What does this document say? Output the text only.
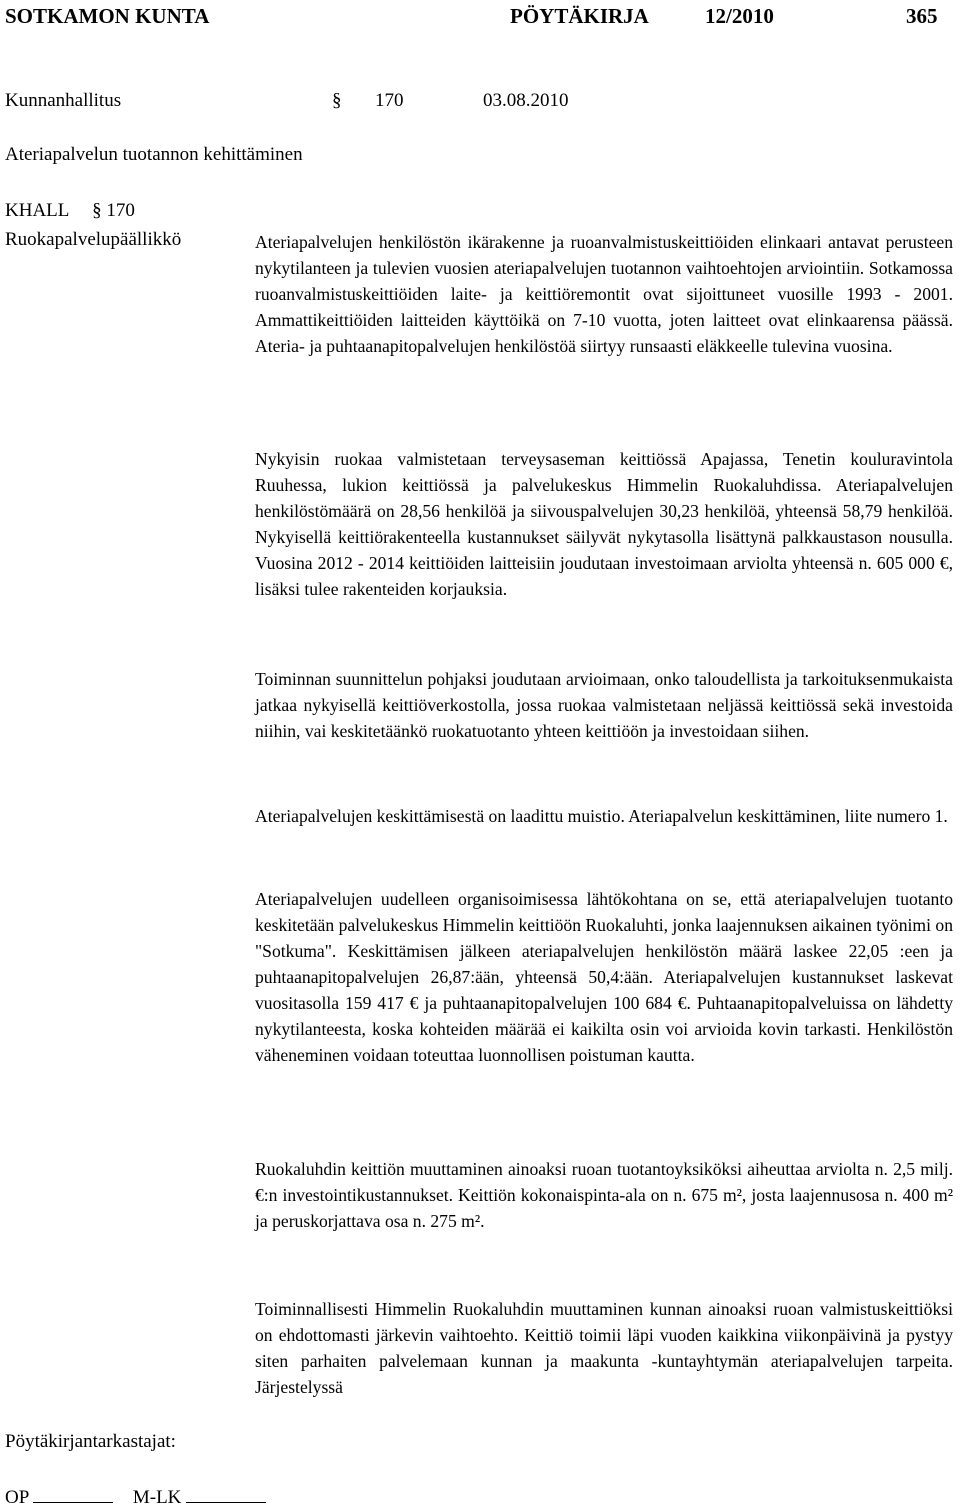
SOTKAMON KUNTA	PÖYTÄKIRJA	12/2010	365
Kunnanhallitus	§ 170	03.08.2010
Ateriapalvelun tuotannon kehittäminen
KHALL § 170
Ruokapalvelupäällikkö	Ateriapalvelujen henkilöstön ikärakenne ja ruoanvalmistuskeittiöiden elinkaari antavat perusteen nykytilanteen ja tulevien vuosien ateriapalvelujen tuotannon vaihtoehtojen arviointiin. Sotkamossa ruoanvalmistuskeittiöiden laite- ja keittiöremontit ovat sijoittuneet vuosille 1993 - 2001. Ammattikeittiöiden laitteiden käyttöikä on 7-10 vuotta, joten laitteet ovat elinkaarensa päässä. Ateria- ja puhtaanapitopalvelujen henkilöstöä siirtyy runsaasti eläkkeelle tulevina vuosina.

Nykyisin ruokaa valmistetaan terveysaseman keittiössä Apajassa, Tenetin kouluravintola Ruuhessa, lukion keittiössä ja palvelukeskus Himmelin Ruokaluhdissa. Ateriapalvelujen henkilöstömäärä on 28,56 henkilöä ja siivouspalvelujen 30,23 henkilöä, yhteensä 58,79 henkilöä. Nykyisellä keittiörakenteella kustannukset säilyvät nykytasolla lisättynä palkkaustason nousulla. Vuosina 2012 - 2014 keittiöiden laitteisiin joudutaan investoimaan arviolta yhteensä n. 605 000 €, lisäksi tulee rakenteiden korjauksia.

Toiminnan suunnittelun pohjaksi joudutaan arvioimaan, onko taloudellista ja tarkoituksenmukaista jatkaa nykyisellä keittiöverkostolla, jossa ruokaa valmistetaan neljässä keittiössä sekä investoida niihin, vai keskitetäänkö ruokatuotanto yhteen keittiöön ja investoidaan siihen.

Ateriapalvelujen keskittämisestä on laadittu muistio. Ateriapalvelun keskittäminen, liite numero 1.

Ateriapalvelujen uudelleen organisoimisessa lähtökohtana on se, että ateriapalvelujen tuotanto keskitetään palvelukeskus Himmelin keittiöön Ruokaluhti, jonka laajennuksen aikainen työnimi on "Sotkuma". Keskittämisen jälkeen ateriapalvelujen henkilöstön määrä laskee 22,05 :een ja puhtaanapitopalvelujen 26,87:ään, yhteensä 50,4:ään. Ateriapalvelujen kustannukset laskevat vuositasolla 159 417 € ja puhtaanapitopalvelujen 100 684 €. Puhtaanapitopalveluissa on lähdetty nykytilanteesta, koska kohteiden määrää ei kaikilta osin voi arvioida kovin tarkasti. Henkilöstön väheneminen voidaan toteuttaa luonnollisen poistuman kautta.

Ruokaluhdin keittiön muuttaminen ainoaksi ruoan tuotantoyksiköksi aiheuttaa arviolta n. 2,5 milj. €:n investointikustannukset. Keittiön kokonaispinta-ala on n. 675 m², josta laajennusosa n. 400 m² ja peruskorjattava osa n. 275 m².

Toiminnallisesti Himmelin Ruokaluhdin muuttaminen kunnan ainoaksi ruoan valmistuskeittiöksi on ehdottomasti järkevin vaihtoehto. Keittiö toimii läpi vuoden kaikkina viikonpäivinä ja pystyy siten parhaiten palvelemaan kunnan ja maakunta -kuntayhtymän ateriapalvelujen tarpeita. Järjestelyssä

Pöytäkirjantarkastajat:
OP	M-LK
